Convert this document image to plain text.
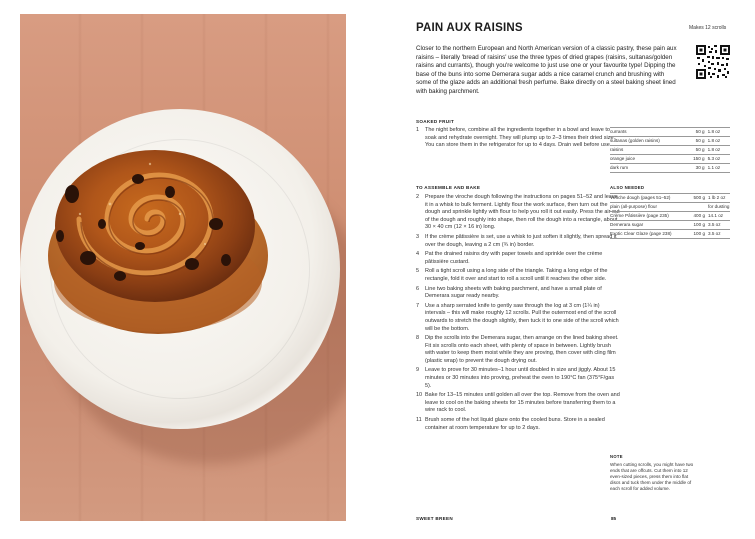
PAIN AUX RAISINS	Makes 12 scrolls
Closer to the northern European and North American version of a classic pastry, these pain aux raisins – literally 'bread of raisins' use the three types of dried grapes (raisins, sultanas/golden raisins and currants), though you're welcome to just use one or your favourite type! Dipping the base of the buns into some Demerara sugar adds a nice caramel crunch and brushing with some of the glaze adds an additional fresh perfume. Bake directly on a steel baking sheet lined with baking parchment.
SOAKED FRUIT
1	The night before, combine all the ingredients together in a bowl and leave to soak and rehydrate overnight. They will plump up to 2–3 times their dried size. You can store them in the refrigerator for up to 4 days. Drain well before use.
currants	50 g	1.8 oz
sultanas (golden raisins)	50 g	1.8 oz
raisins	50 g	1.8 oz
orange juice	150 g	5.3 oz
dark rum	30 g	1.1 oz
TO ASSEMBLE AND BAKE
2	Prepare the viroche dough following the instructions on pages 51–52 and leave it in a whisk to bulk ferment. Lightly flour the work surface, then turn out the dough and sprinkle lightly with flour to help you roll it out easily. Press the air out of the dough and roughly into shape, then roll the dough into a rectangle, about 30 × 40 cm (12 × 16 in) long.
3	If the crème pâtissière is set, use a whisk to just soften it slightly, then spread it over the dough, leaving a 2 cm (¾ in) border.
4	Pat the drained raisins dry with paper towels and sprinkle over the crème pâtissière custard.
5	Roll a tight scroll using a long side of the triangle. Taking a long edge of the rectangle, fold it over and start to roll a scroll until it reaches the other side.
6	Line two baking sheets with baking parchment, and have a small plate of Demerara sugar ready nearby.
7	Use a sharp serrated knife to gently saw through the log at 3 cm (1¼ in) intervals – this will make roughly 12 scrolls. Pull the outermost end of the scroll outwards to stretch the dough slightly, then tuck it to one side of the scroll which will be the bottom.
8	Dip the scrolls into the Demerara sugar, then arrange on the lined baking sheet. Fit six scrolls onto each sheet, with plenty of space in between. Lightly brush with water to keep them moist while they are proving, then cover with cling film (plastic wrap) to prevent the dough drying out.
9	Leave to prove for 30 minutes–1 hour until doubled in size and jiggly. About 15 minutes or 30 minutes into proving, preheat the oven to 190°C fan (375°F/gas 5).
10 Bake for 13–15 minutes until golden all over the top. Remove from the oven and leave to cool on the baking sheets for 15 minutes before transferring them to a wire rack to cool.
11 Brush some of the hot liquid glaze onto the cooled buns. Store in a sealed container at room temperature for up to 2 days.
ALSO NEEDED
Viroche dough (pages 51–52)	500 g	1 lb 2 oz
plain (all-purpose) flour		for dusting
Crème Pâtissière (page 235)	400 g	14.1 oz
Demerara sugar	100 g	3.5 oz
Exotic Clear Glaze (page 238)	100 g	3.5 oz
NOTE
When cutting scrolls, you might have two ends that are offcuts. Cut them into 12 even-sized pieces, press them into flat discs and tuck them under the middle of each scroll for added volume.
SWEET BREEN	85
